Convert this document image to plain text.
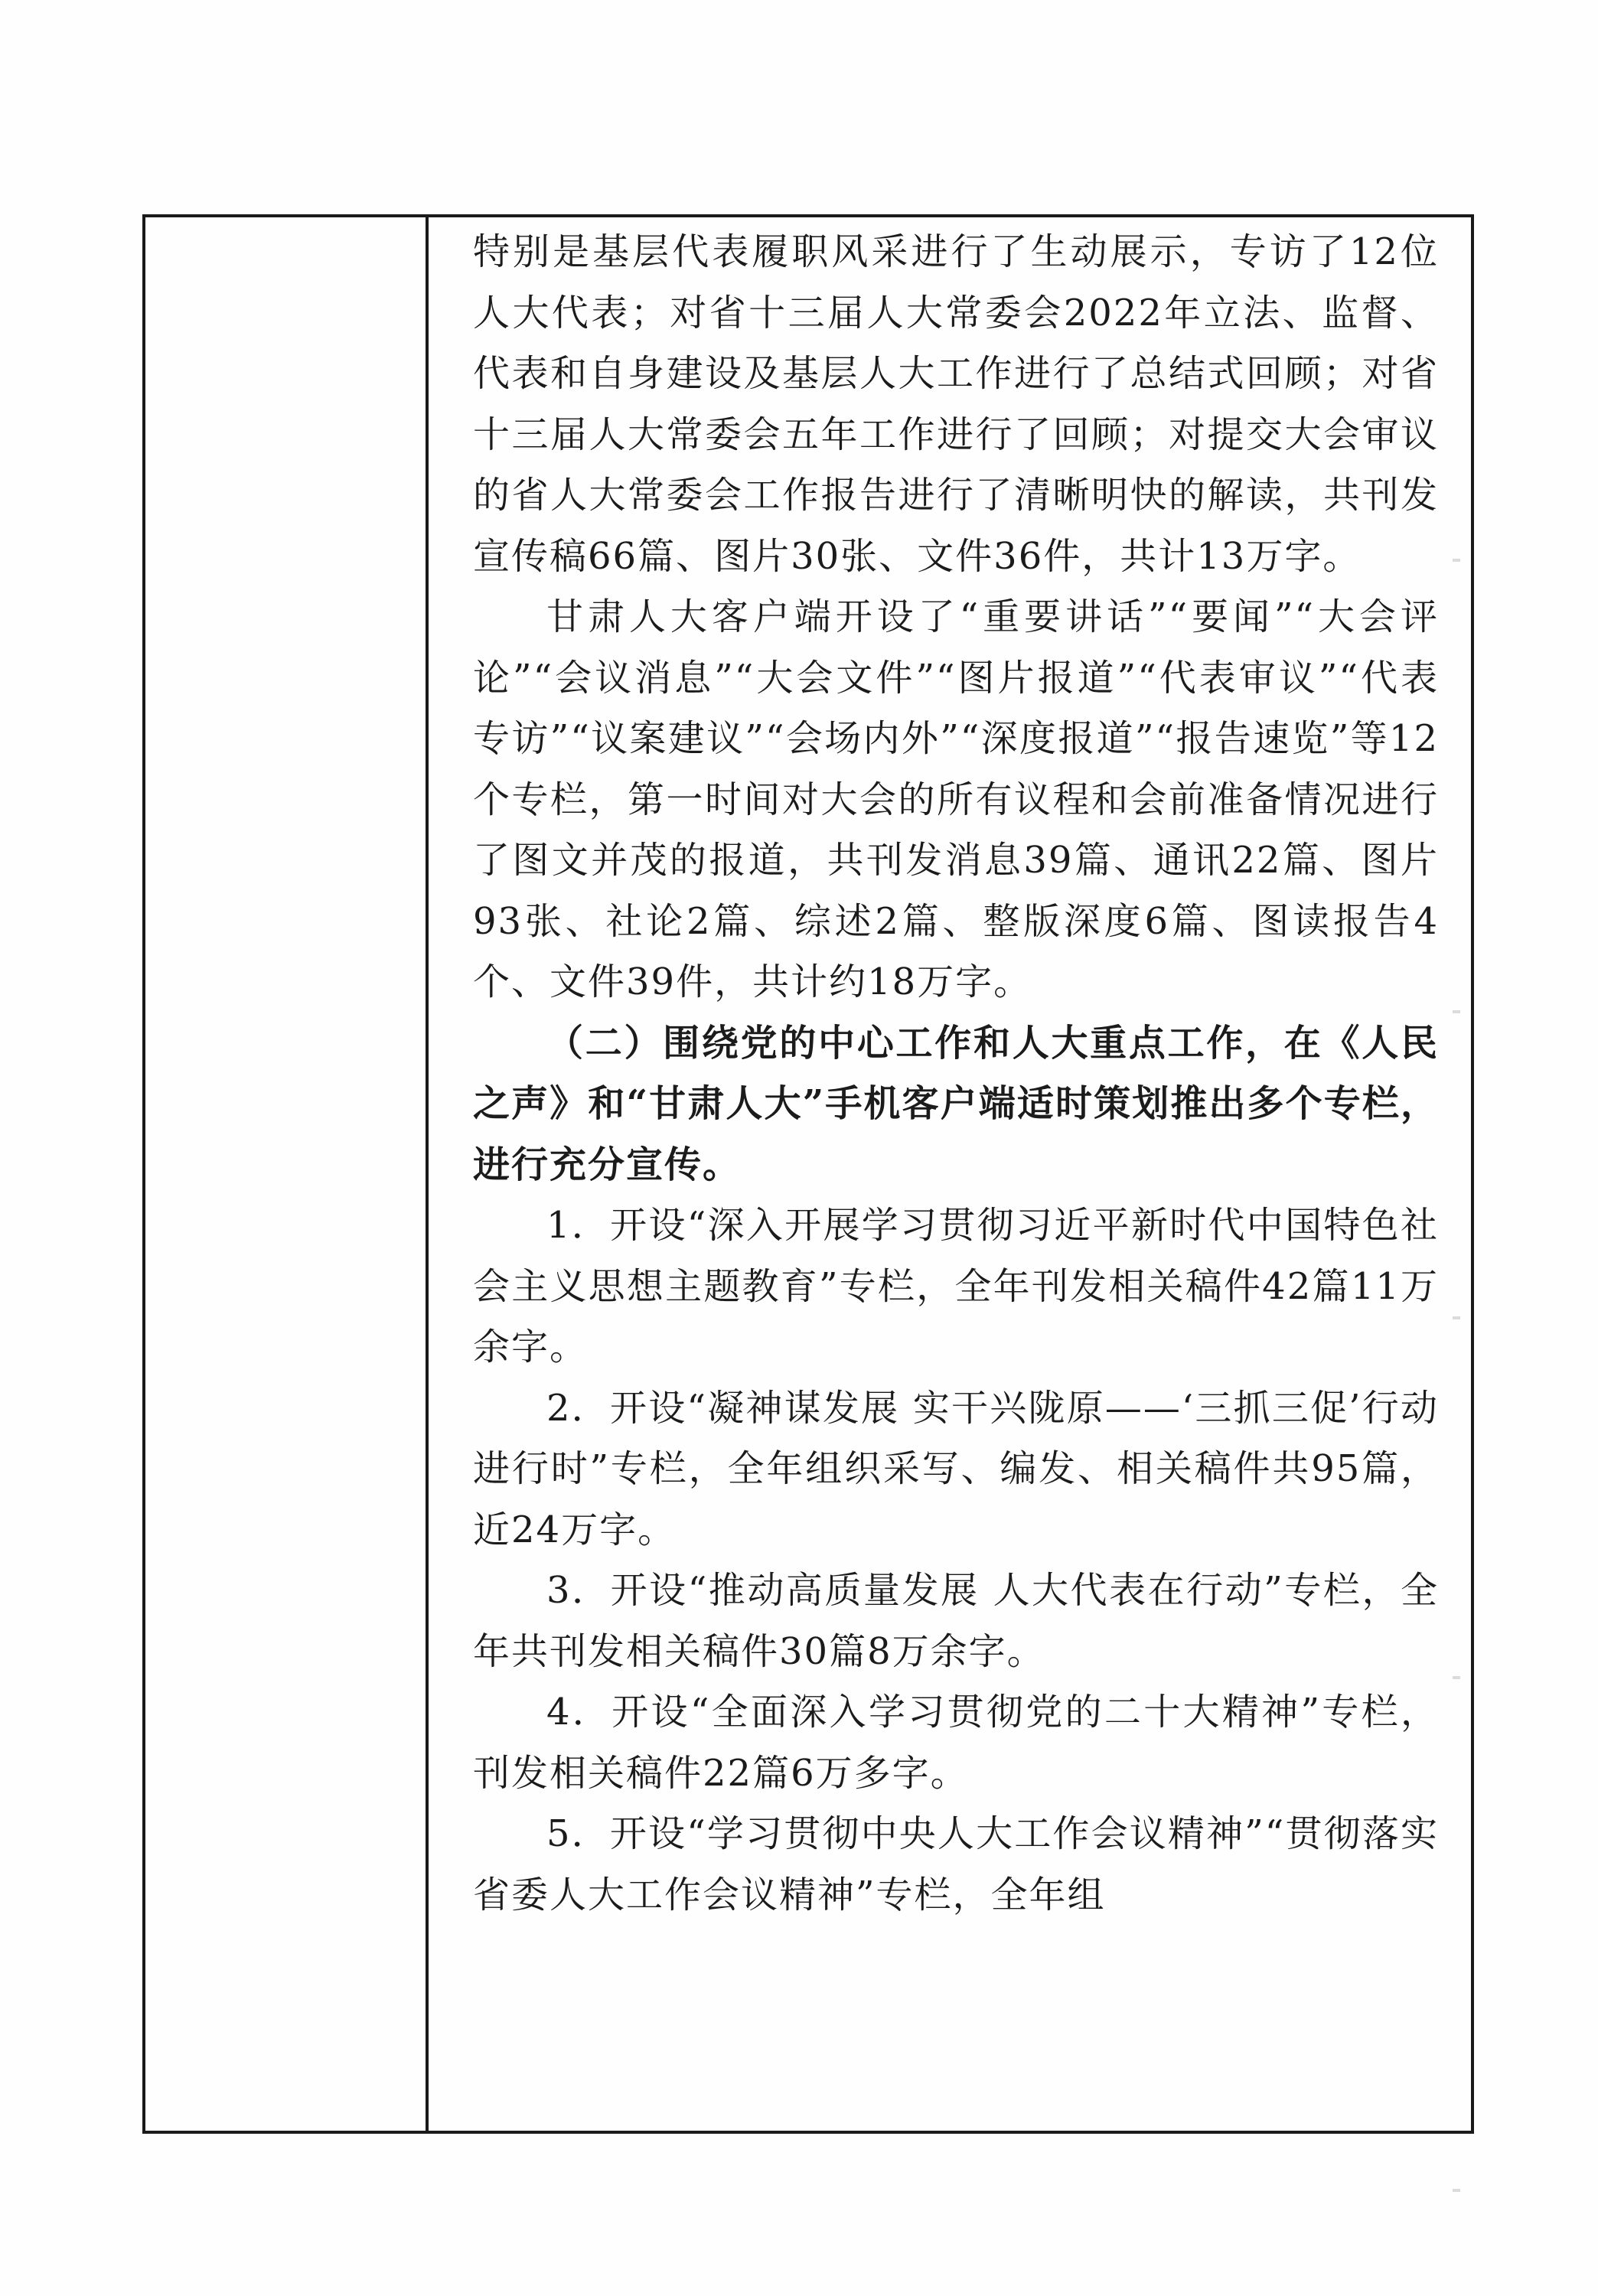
特别是基层代表履职风采进行了生动展示，专访了12位人大代表；对省十三届人大常委会2022年立法、监督、代表和自身建设及基层人大工作进行了总结式回顾；对省十三届人大常委会五年工作进行了回顾；对提交大会审议的省人大常委会工作报告进行了清晰明快的解读，共刊发宣传稿66篇、图片30张、文件36件，共计13万字。

甘肃人大客户端开设了“重要讲话”“要闻”“大会评论”“会议消息”“大会文件”“图片报道”“代表审议”“代表专访”“议案建议”“会场内外”“深度报道”“报告速览”等12个专栏，第一时间对大会的所有议程和会前准备情况进行了图文并茂的报道，共刊发消息39篇、通讯22篇、图片93张、社论2篇、综述2篇、整版深度6篇、图读报告4个、文件39件，共计约18万字。

（二）围绕党的中心工作和人大重点工作，在《人民之声》和“甘肃人大”手机客户端适时策划推出多个专栏，进行充分宣传。

1．开设“深入开展学习贯彻习近平新时代中国特色社会主义思想主题教育”专栏，全年刊发相关稿件42篇11万余字。

2．开设“凝神谋发展 实干兴陇原——‘三抓三促’行动进行时”专栏，全年组织采写、编发、相关稿件共95篇，近24万字。

3．开设“推动高质量发展 人大代表在行动”专栏，全年共刊发相关稿件30篇8万余字。

4．开设“全面深入学习贯彻党的二十大精神”专栏，刊发相关稿件22篇6万多字。

5．开设“学习贯彻中央人大工作会议精神”“贯彻落实省委人大工作会议精神”专栏，全年组
